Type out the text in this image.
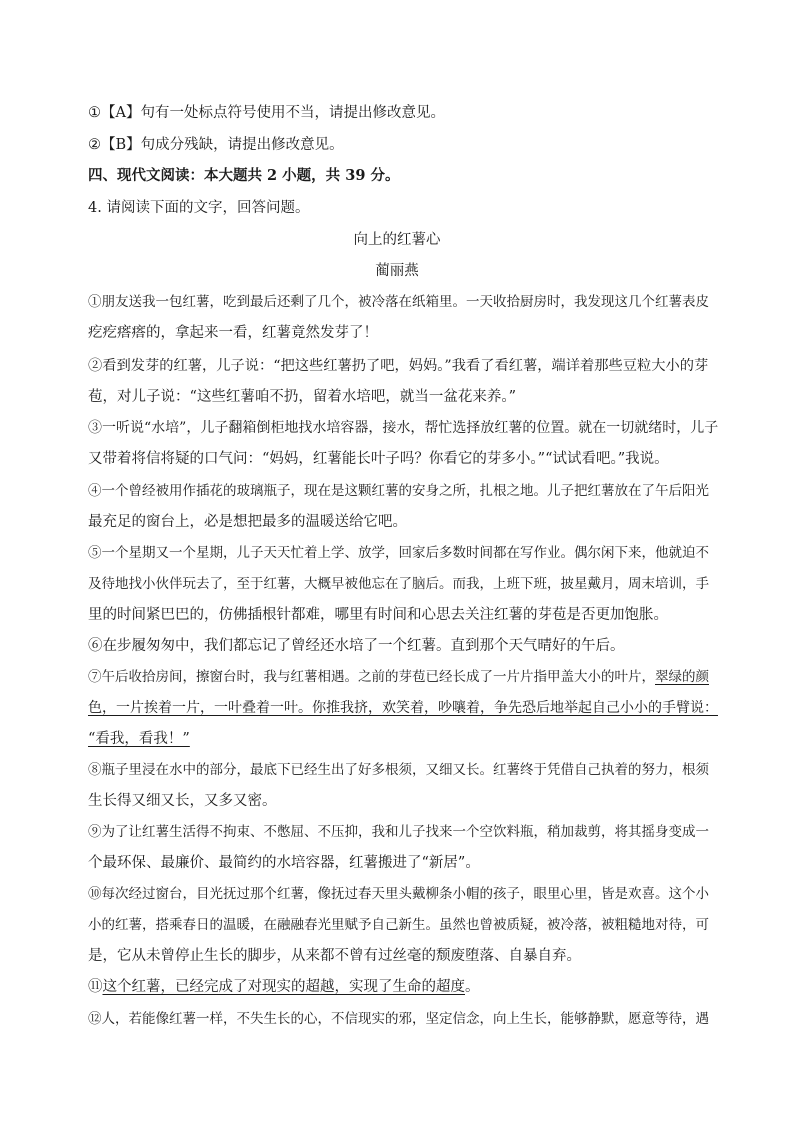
①【A】句有一处标点符号使用不当，请提出修改意见。
②【B】句成分残缺，请提出修改意见。
四、现代文阅读：本大题共 2 小题，共 39 分。
4. 请阅读下面的文字，回答问题。
向上的红薯心
蔺丽燕
①朋友送我一包红薯，吃到最后还剩了几个，被冷落在纸箱里。一天收拾厨房时，我发现这几个红薯表皮
疙疙瘩瘩的，拿起来一看，红薯竟然发芽了！
②看到发芽的红薯，儿子说：“把这些红薯扔了吧，妈妈。”我看了看红薯，端详着那些豆粒大小的芽
苞，对儿子说：“这些红薯咱不扔，留着水培吧，就当一盆花来养。”
③一听说“水培”，儿子翻箱倒柜地找水培容器，接水，帮忙选择放红薯的位置。就在一切就绪时，儿子
又带着将信将疑的口气问：“妈妈，红薯能长叶子吗？你看它的芽多小。”“试试看吧。”我说。
④一个曾经被用作插花的玻璃瓶子，现在是这颗红薯的安身之所，扎根之地。儿子把红薯放在了午后阳光
最充足的窗台上，必是想把最多的温暖送给它吧。
⑤一个星期又一个星期，儿子天天忙着上学、放学，回家后多数时间都在写作业。偶尔闲下来，他就迫不
及待地找小伙伴玩去了，至于红薯，大概早被他忘在了脑后。而我，上班下班，披星戴月，周末培训，手
里的时间紧巴巴的，仿佛插根针都难，哪里有时间和心思去关注红薯的芽苞是否更加饱胀。
⑥在步履匆匆中，我们都忘记了曾经还水培了一个红薯。直到那个天气晴好的午后。
⑦午后收拾房间，擦窗台时，我与红薯相遇。之前的芽苞已经长成了一片片指甲盖大小的叶片，翠绿的颜
色，一片挨着一片，一叶叠着一叶。你推我挤，欢笑着，吵嚷着，争先恐后地举起自己小小的手臂说：
“看我，看我！”
⑧瓶子里浸在水中的部分，最底下已经生出了好多根须，又细又长。红薯终于凭借自己执着的努力，根须
生长得又细又长，又多又密。
⑨为了让红薯生活得不拘束、不憋屈、不压抑，我和儿子找来一个空饮料瓶，稍加裁剪，将其摇身变成一
个最环保、最廉价、最简约的水培容器，红薯搬进了“新居”。
⑩每次经过窗台，目光抚过那个红薯，像抚过春天里头戴柳条小帽的孩子，眼里心里，皆是欢喜。这个小
小的红薯，搭乘春日的温暖，在融融春光里赋予自己新生。虽然也曾被质疑，被冷落，被粗糙地对待，可
是，它从未曾停止生长的脚步，从来都不曾有过丝毫的颓废堕落、自暴自弃。
⑪这个红薯，已经完成了对现实的超越，实现了生命的超度。
⑫人，若能像红薯一样，不失生长的心，不信现实的邪，坚定信念，向上生长，能够静默，愿意等待，遇
